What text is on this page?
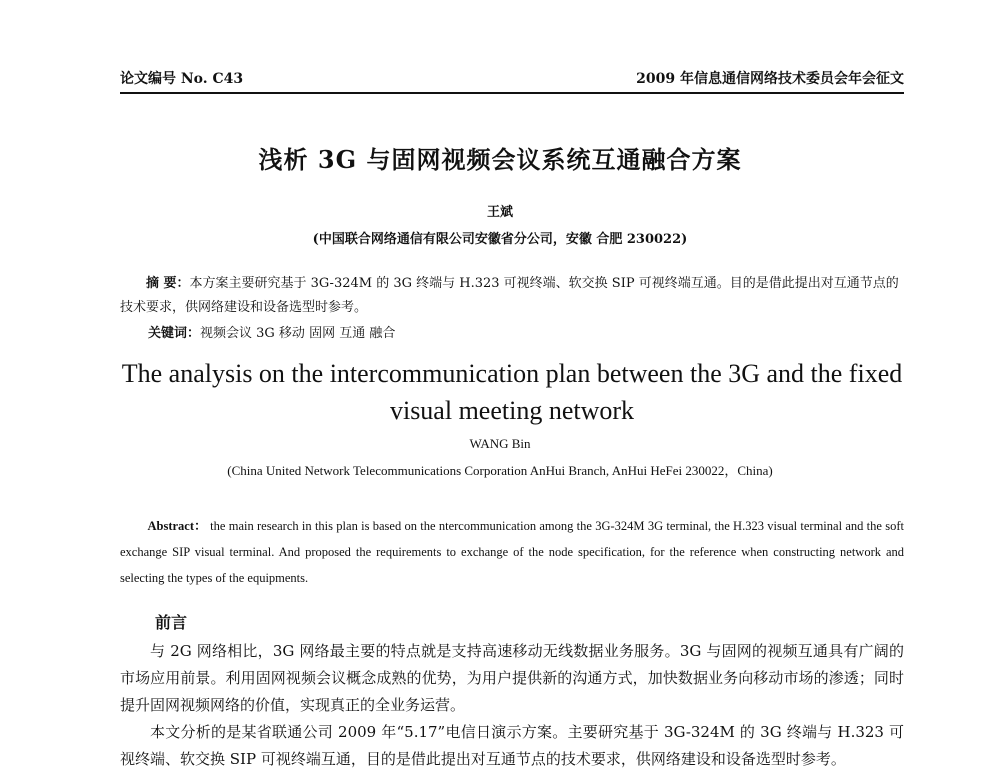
论文编号 No. C43	2009 年信息通信网络技术委员会年会征文
浅析 3G 与固网视频会议系统互通融合方案
王斌
(中国联合网络通信有限公司安徽省分公司，安徽 合肥 230022)
摘 要：本方案主要研究基于 3G-324M 的 3G 终端与 H.323 可视终端、软交换 SIP 可视终端互通。目的是借此提出对互通节点的技术要求，供网络建设和设备选型时参考。
关键词：视频会议 3G 移动 固网 互通 融合
The analysis on the intercommunication plan between the 3G and the fixed visual meeting network
WANG Bin
(China United Network Telecommunications Corporation AnHui Branch, AnHui HeFei 230022，China)
Abstract： the main research in this plan is based on the ntercommunication among the 3G-324M 3G terminal, the H.323 visual terminal and the soft exchange SIP visual terminal. And proposed the requirements to exchange of the node specification, for the reference when constructing network and selecting the types of the equipments.
前言

与 2G 网络相比，3G 网络最主要的特点就是支持高速移动无线数据业务服务。3G 与固网的视频互通具有广阔的市场应用前景。利用固网视频会议概念成熟的优势，为用户提供新的沟通方式，加快数据业务向移动市场的渗透；同时提升固网视频网络的价值，实现真正的全业务运营。

本文分析的是某省联通公司 2009 年“5.17”电信日演示方案。主要研究基于 3G-324M 的 3G 终端与 H.323 可视终端、软交换 SIP 可视终端互通，目的是借此提出对互通节点的技术要求，供网络建设和设备选型时参考。
